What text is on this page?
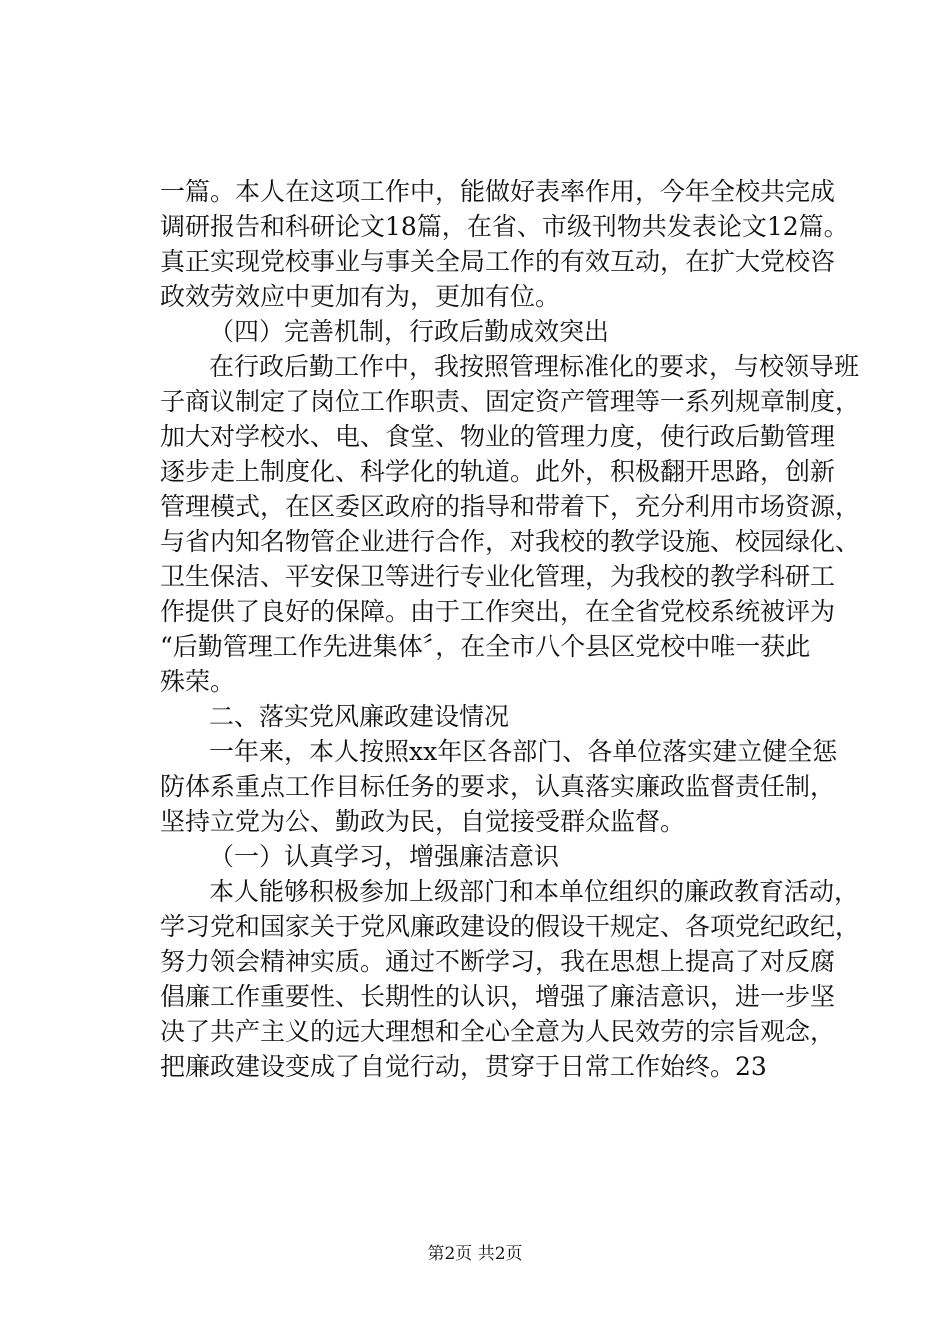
一篇。本人在这项工作中，能做好表率作用，今年全校共完成
调研报告和科研论文18篇，在省、市级刊物共发表论文12篇。
真正实现党校事业与事关全局工作的有效互动，在扩大党校咨
政效劳效应中更加有为，更加有位。
（四）完善机制，行政后勤成效突出
在行政后勤工作中，我按照管理标准化的要求，与校领导班
子商议制定了岗位工作职责、固定资产管理等一系列规章制度，
加大对学校水、电、食堂、物业的管理力度，使行政后勤管理
逐步走上制度化、科学化的轨道。此外，积极翻开思路，创新
管理模式，在区委区政府的指导和带着下，充分利用市场资源，
与省内知名物管企业进行合作，对我校的教学设施、校园绿化、
卫生保洁、平安保卫等进行专业化管理，为我校的教学科研工
作提供了良好的保障。由于工作突出，在全省党校系统被评为
“后勤管理工作先进集体〞，在全市八个县区党校中唯一获此
殊荣。
二、落实党风廉政建设情况
一年来，本人按照xx年区各部门、各单位落实建立健全惩
防体系重点工作目标任务的要求，认真落实廉政监督责任制，
坚持立党为公、勤政为民，自觉接受群众监督。
（一）认真学习，增强廉洁意识
本人能够积极参加上级部门和本单位组织的廉政教育活动，
学习党和国家关于党风廉政建设的假设干规定、各项党纪政纪，
努力领会精神实质。通过不断学习，我在思想上提高了对反腐
倡廉工作重要性、长期性的认识，增强了廉洁意识，进一步坚
决了共产主义的远大理想和全心全意为人民效劳的宗旨观念，
把廉政建设变成了自觉行动，贯穿于日常工作始终。23
第2页 共2页
